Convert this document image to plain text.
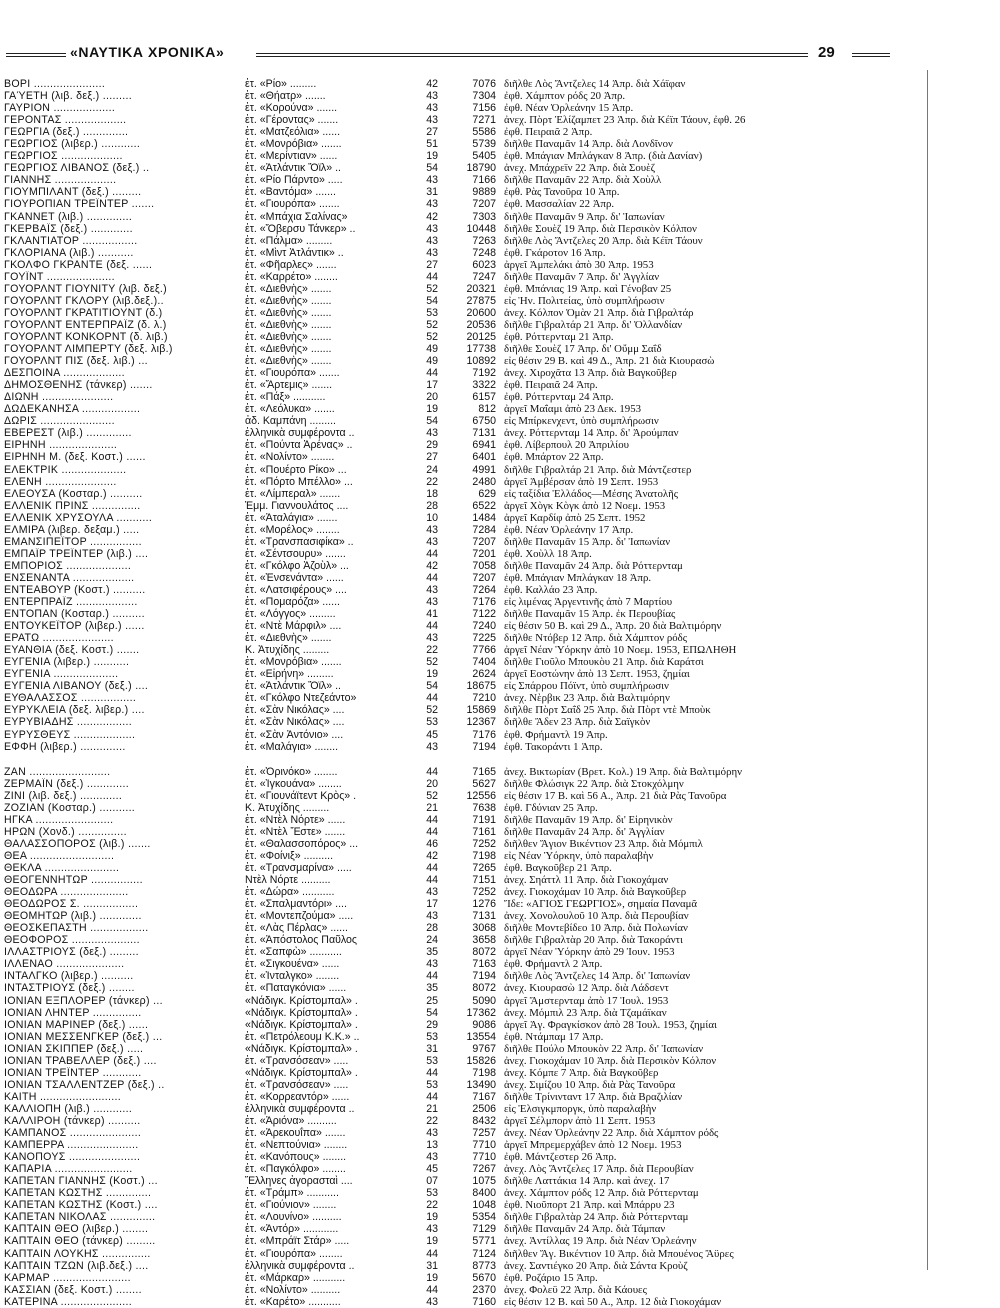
«ΝΑΥΤΙΚΑ ΧΡΟΝΙΚΑ»	29
ΒΟΡΙ ......................	ἐτ. «Ρίο» .........	42	7076 διῆλθε Λὸς Ἄντζελες 14 Ἀπρ. διὰ Χάϊφαν
ΓΑΎΕΤΗ (λιβ. δεξ.) .........	ἐτ. «Θήατρ» .......	43	7304 ἐφθ. Χάμπτον ρόδς 20 Ἀπρ.
ΓΑΥΡΙΟΝ ...................	ἐτ. «Κορούνα» .......	43	7156 ἐφθ. Νέαν Ὀρλεάνην 15 Ἀπρ.
ΓΕΡΟΝΤΑΣ ...................	ἐτ. «Γέροντας» .......	43	7271 ἀνεχ. Πὸρτ Ἐλίζαμπετ 23 Ἀπρ. διὰ Κέϊπ Τάουν, ἐφθ. 26
ΓΕΩΡΓΙΑ (δεξ.) ..............	ἐτ. «Ματζεόλια» ......	27	5586 ἐφθ. Πειραιᾶ 2 Ἀπρ.
ΓΕΩΡΓΙΟΣ (λιβερ.) ............	ἐτ. «Μονρόβια» .......	51	5739 διῆλθε Παναμᾶν 14 Ἀπρ. διὰ Λονδῖνον
ΓΕΩΡΓΙΟΣ ...................	ἐτ. «Μερίντιαν» ......	19	5405 ἐφθ. Μπάγιαν Μπλάγκαν 8 Ἀπρ. (διὰ Δανίαν)
ΓΕΩΡΓΙΟΣ ΛΙΒΑΝΟΣ (δεξ.) ..	ἐτ. «Ἀτλάντικ Ὄϊλ» ..	54	18790 ἀνεχ. Μπάχρεϊν 22 Ἀπρ. διὰ Σουὲζ
ΓΙΑΝΝΗΣ ...................	ἐτ. «Ρίο Πάρντο» .....	43	7166 διῆλθε Παναμᾶν 22 Ἀπρ. διὰ Χοὺλλ
ΓΙΟΥΜΠΙΛΑΝΤ (δεξ.) .........	ἐτ. «Βαντόμα» .......	31	9889 ἐφθ. Ρὰς Τανοῦρα 10 Ἀπρ.
ΓΙΟΥΡΟΠΙΑΝ ΤΡΕΪΝΤΕΡ .......	ἐτ. «Γιουρόπα» .......	43	7207 ἐφθ. Μασσαλίαν 22 Ἀπρ.
ΓΚΑΝΝΕΤ (λιβ.) ..............	ἐτ. «Μπάχια Σαλίνας»	42	7303 διῆλθε Παναμᾶν 9 Ἀπρ. δι' Ἰαπωνίαν
ΓΚΕΡΒΑΪΣ (δεξ.) .............	ἐτ. «Ὄβερσυ Τάνκερ» ..	43	10448 διῆλθε Σουὲζ 19 Ἀπρ. διὰ Περσικὸν Κόλπον
ΓΚΛΑΝΤΙΑΤΟΡ .................	ἐτ. «Πάλμα» .........	43	7263 διῆλθε Λὸς Ἄντζελες 20 Ἀπρ. διὰ Κέϊπ Τάουν
ΓΚΛΟΡΙΑΝΑ (λιβ.) ...........	ἐτ. «Μὶντ Ἀτλάντικ» ..	43	7248 ἐφθ. Γκάροτον 16 Ἀπρ.
ΓΚΟΛΦΟ ΓΚΡΑΝΤΕ (δεξ. ......	ἐτ. «Φῆαρλες» .......	27	6023 ἀργεῖ Ἀμπελάκι ἀπὸ 30 Ἀπρ. 1953
ΓΟΥΪΝΤ .....................	ἐτ. «Καρρέτο» ........	44	7247 διῆλθε Παναμᾶν 7 Ἀπρ. δι' Ἀγγλίαν
ΓΟΥΟΡΛΝΤ ΓΙΟΥΝΙΤΥ (λιβ. δεξ.)	ἐτ. «Διεθνὴς» .......	52	20321 ἐφθ. Μπάνιας 19 Ἀπρ. καὶ Γένοβαν 25
ΓΟΥΟΡΛΝΤ ΓΚΛΟΡΥ (λιβ.δεξ.)..	ἐτ. «Διεθνὴς» .......	54	27875 εἰς Ἡν. Πολιτείας, ὑπὸ συμπλήρωσιν
ΓΟΥΟΡΛΝΤ ΓΚΡΑΤΙΤΙΟΥΝΤ (δ.)	ἐτ. «Διεθνὴς» .......	53	20600 ἀνεχ. Κόλπον Ὀμὰν 21 Ἀπρ. διὰ Γιβραλτάρ
ΓΟΥΟΡΛΝΤ ΕΝΤΕΡΠΡΑΪΖ (δ. λ.)	ἐτ. «Διεθνὴς» .......	52	20536 διῆλθε Γιβραλτάρ 21 Ἀπρ. δι' Ὀλλανδίαν
ΓΟΥΟΡΛΝΤ ΚΟΝΚΟΡΝΤ (δ. λιβ.)	ἐτ. «Διεθνὴς» .......	52	20125 ἐφθ. Ρόττερνταμ 21 Ἀπρ.
ΓΟΥΟΡΛΝΤ ΛΙΜΠΕΡΤΥ (δεξ. λιβ.)	ἐτ. «Διεθνὴς» .......	49	17738 διῆλθε Σουὲζ 17 Ἀπρ. δι' Οὔμμ Σαΐδ
ΓΟΥΟΡΛΝΤ ΠΙΣ (δεξ. λιβ.) ...	ἐτ. «Διεθνὴς» .......	49	10892 εἰς θέσιν 29 Β. καὶ 49 Δ., Ἀπρ. 21 διὰ Κιουρασὼ
ΔΕΣΠΟΙΝΑ ...................	ἐτ. «Γιουρόπα» .......	44	7192 ἀνεχ. Χιροχᾶτα 13 Ἀπρ. διὰ Βαγκοῦβερ
ΔΗΜΟΣΘΕΝΗΣ (τάνκερ) .......	ἐτ. «Ἄρτεμις» .......	17	3322 ἐφθ. Πειραιᾶ 24 Ἀπρ.
ΔΙΩΝΗ ......................	ἐτ. «Πάξ» ...........	20	6157 ἐφθ. Ρόττερνταμ 24 Ἀπρ.
ΔΩΔΕΚΑΝΗΣΑ ..................	ἐτ. «Λεόλυκα» .......	19	812 ἀργεῖ Μαΐαμι ἀπὸ 23 Δεκ. 1953
ΔΩΡΙΣ .......................	ἀδ. Καμπάνη .........	54	6750 εἰς Μπίρκενχεντ, ὑπὸ συμπλήρωσιν
ΕΒΕΡΕΣΤ (λιβ.) ..............	ἑλληνικὰ συμφέροντα ..	43	7131 ἀνεχ. Ρόττερνταμ 14 Ἀπρ. δι' Ἀρούμπαν
ΕΙΡΗΝΗ .....................	ἐτ. «Πούντα Ἀρένας» ..	29	6941 ἐφθ. Λίβερπουλ 20 Ἀπριλίου
ΕΙΡΗΝΗ Μ. (δεξ. Κοστ.) ......	ἐτ. «Νολίντο» ........	27	6401 ἐφθ. Μπάρτον 22 Ἀπρ.
ΕΛΕΚΤΡΙΚ ....................	ἐτ. «Πουέρτο Ρίκο» ...	24	4991 διῆλθε Γιβραλτάρ 21 Ἀπρ. διὰ Μάντζεστερ
ΕΛΕΝΗ ......................	ἐτ. «Πόρτο Μπέλλο» ...	22	2480 ἀργεῖ Ἀμβέρσαν ἀπὸ 19 Σεπτ. 1953
ΕΛΕΟΥΣΑ (Κοσταρ.) ..........	ἐτ. «Λίμπεραλ» .......	18	629 εἰς ταξίδια Ἑλλάδος—Μέσης Ἀνατολῆς
ΕΛΛΕΝΙΚ ΠΡΙΝΣ ...............	Ἐμμ. Γιαννουλάτος ....	28	6522 ἀργεῖ Χὸγκ Κὸγκ ἀπὸ 12 Νοεμ. 1953
ΕΛΛΕΝΙΚ ΧΡΥΣΟΥΛΑ ...........	ἐτ. «Ἀταλάγια» .......	10	1484 ἀργεῖ Καρδίφ ἀπὸ 25 Σεπτ. 1952
ΕΛΜΙΡΑ (λιβερ. δεξαμ.) .....	ἐτ. «Μορέλος» ........	43	7284 ἐφθ. Νέαν Ὀρλεάνην 17 Ἀπρ.
ΕΜΑΝΣΙΠΕΪΤΟΡ ................	ἐτ. «Τρανσπασιφίκα» ..	43	7207 διῆλθε Παναμᾶν 15 Ἀπρ. δι' Ἰαπωνίαν
ΕΜΠΑΪΡ ΤΡΕΪΝΤΕΡ (λιβ.) ....	ἐτ. «Σέντσουρυ» .......	44	7201 ἐφθ. Χοὺλλ 18 Ἀπρ.
ΕΜΠΟΡΙΟΣ ....................	ἐτ. «Γκόλφο Ἀζοὺλ» ...	42	7058 διῆλθε Παναμᾶν 24 Ἀπρ. διὰ Ρόττερνταμ
ΕΝΣΕΝΑΝΤΑ ...................	ἐτ. «Ἐνσενάντα» ......	44	7207 ἐφθ. Μπάγιαν Μπλάγκαν 18 Ἀπρ.
ΕΝΤΕΑΒΟΥΡ (Κοστ.) ..........	ἐτ. «Λατσιφέρους» ....	43	7264 ἐφθ. Καλλάο 23 Ἀπρ.
ΕΝΤΕΡΠΡΑΪΖ ...................	ἐτ. «Πομαρόζα» ......	43	7176 εἰς λιμένας Ἀργεντινῆς ἀπὸ 7 Μαρτίου
ΕΝΤΟΠΑΝ (Κοσταρ.) ..........	ἐτ. «Λόγγος» .........	41	7122 διῆλθε Παναμᾶν 15 Ἀπρ. ἐκ Περουβίας
ΕΝΤΟΥΚΕΪΤΟΡ (λιβερ.) ......	ἐτ. «Ντὲ Μάρφιλ» ....	44	7240 εἰς θέσιν 50 Β. καὶ 29 Δ., Ἀπρ. 20 διὰ Βαλτιμόρην
ΕΡΑΤΩ ......................	ἐτ. «Διεθνὴς» .......	43	7225 διῆλθε Ντόβερ 12 Ἀπρ. διὰ Χάμπτον ρόδς
ΕΥΑΝΘΙΑ (δεξ. Κοστ.) .......	Κ. Ἀτυχίδης .........	22	7766 ἀργεῖ Νέαν Ὑόρκην ἀπὸ 10 Νοεμ. 1953, ΕΠΩΛΗΘΗ
ΕΥΓΕΝΙΑ (λιβερ.) ...........	ἐτ. «Μονρόβια» .......	52	7404 διῆλθε Γιοῦλο Μπουκὸυ 21 Ἀπρ. διὰ Καράτσι
ΕΥΓΕΝΙΑ ....................	ἐτ. «Εἰρήνη» .........	19	2624 ἀργεῖ Εοστώνην ἀπὸ 13 Σεπτ. 1953, ζημίαι
ΕΥΓΕΝΙΑ ΛΙΒΑΝΟΥ (δεξ.) ....	ἐτ. «Ἀτλάντικ Ὄϊλ» ..	54	18675 εἰς Σπάρρου Πόϊντ, ὑπὸ συμπλήρωσιν
ΕΥΘΑΛΑΣΣΟΣ .................	ἐτ. «Γκόλφο Ντεζεάντο»	44	7210 ἀνεχ. Νὲρβικ 23 Ἀπρ. διὰ Βαλτιμόρην
ΕΥΡΥΚΛΕΙΑ (δεξ. λιβερ.) ....	ἐτ. «Σὰν Νικόλας» ....	52	15869 διῆλθε Πὸρτ Σαΐδ 25 Ἀπρ. διὰ Πὸρτ ντὲ Μποὺκ
ΕΥΡΥΒΙΑΔΗΣ .................	ἐτ. «Σὰν Νικόλας» ....	53	12367 διῆλθε Ἄδεν 23 Ἀπρ. διὰ Σαϊγκὸν
ΕΥΡΥΣΘΕΥΣ ...................	ἐτ. «Σὰν Ἀντόνιο» ....	45	7176 ἐφθ. Φρήμαντλ 19 Ἀπρ.
ΕΦΦΗ (λιβερ.) ..............	ἐτ. «Μαλάγια» ........	43	7194 ἐφθ. Τακοράντι 1 Ἀπρ.
ΖΑΝ .........................	ἐτ. «Ὀρινόκο» ........	44	7165 ἀνεχ. Βικτωρίαν (Βρετ. Κολ.) 19 Ἀπρ. διὰ Βαλτιμόρην
ΖΕΡΜΑΪΝ (δεξ.) .............	ἐτ. «Ἰγκουάνα» ........	20	5627 διῆλθε Φλώσιγκ 22 Ἀπρ. διὰ Στοκχόλμην
ΖΙΝΙ (λιβ. δεξ.) .............	ἐτ. «Γιουνάϊτεντ Κρὸς» .	52	12556 εἰς θέσιν 17 Β. καὶ 56 Α., Ἀπρ. 21 διὰ Ρὰς Τανοῦρα
ΖΟΖΙΑΝ (Κοσταρ.) ...........	Κ. Ἀτυχίδης .........	21	7638 ἐφθ. Γδύνιαν 25 Ἀπρ.
ΗΓΚΑ ........................	ἐτ. «Ντὲλ Νόρτε» ......	44	7191 διῆλθε Παναμᾶν 19 Ἀπρ. δι' Εἰρηνικὸν
ΗΡΩΝ (Χονδ.) ...............	ἐτ. «Ντὲλ Ἔστε» .......	44	7161 διῆλθε Παναμᾶν 24 Ἀπρ. δι' Ἀγγλίαν
ΘΑΛΑΣΣΟΠΟΡΟΣ (λιβ.) .......	ἐτ. «Θαλασσοπόρος» ...	46	7252 διῆλθεν Ἅγιον Βικέντιον 23 Ἀπρ. διὰ Μόμπιλ
ΘΕΑ ..........................	ἐτ. «Φοίνιξ» ..........	42	7198 εἰς Νέαν Ὑόρκην, ὑπὸ παραλαβὴν
ΘΕΚΛΑ .......................	ἐτ. «Τρανσμαρίνα» .....	44	7265 ἐφθ. Βαγκοῦβερ 21 Ἀπρ.
ΘΕΟΓΕΝΝΗΤΩΡ ................	Ντὲλ Νόρτε ..........	44	7151 ἀνεχ. Σηάττλ 11 Ἀπρ. διὰ Γιοκοχάμαν
ΘΕΟΔΩΡΑ .....................	ἐτ. «Δώρα» ...........	43	7252 ἀνεχ. Γιοκοχάμαν 10 Ἀπρ. διὰ Βαγκοῦβερ
ΘΕΟΔΩΡΟΣ Σ. .................	ἐτ. «Σπαλμαντόρι» ....	17	1276 Ἴδε: «ΑΓΙΟΣ ΓΕΩΡΓΙΟΣ», σημαία Παναμᾶ
ΘΕΟΜΗΤΩΡ (λιβ.) .............	ἐτ. «Μοντεπζούμα» .....	43	7131 ἀνεχ. Χονολουλοῦ 10 Ἀπρ. διὰ Περουβίαν
ΘΕΟΣΚΕΠΑΣΤΗ ..................	ἐτ. «Λὰς Πέρλας» ......	28	3068 διῆλθε Μοντεβίδεο 10 Ἀπρ. διὰ Πολωνίαν
ΘΕΟΦΟΡΟΣ .....................	ἐτ. «Ἀπόστολος Παῦλος	24	3658 διῆλθε Γιβραλτὰρ 20 Ἀπρ. διὰ Τακοράντι
ΙΛΛΑΣΤΡΙΟΥΣ (δεξ.) .........	ἐτ. «Σαπφὼ» ...........	35	8072 ἀργεῖ Νέαν Ὑόρκην ἀπὸ 29 Ἰουν. 1953
ΙΛΛΕΝΑΟ .....................	ἐτ. «Σιγκουένα» ......	43	7163 ἐφθ. Φρήμαντλ 2 Ἀπρ.
ΙΝΤΑΛΓΚΟ (λιβερ.) ..........	ἐτ. «Ἰνταλγκο» ........	44	7194 διῆλθε Λὸς Ἄντζελες 14 Ἀπρ. δι' Ἰαπωνίαν
ΙΝΤΑΣΤΡΙΟΥΣ (δεξ.) ........	ἐτ. «Παταγκόνια» ......	35	8072 ἀνεχ. Κιουρασὼ 12 Ἀπρ. διὰ Λάδσεντ
ΙΟΝΙΑΝ ΕΞΠΛΟΡΕΡ (τάνκερ) ...	«Νάδιγκ. Κρίστομπαλ» .	25	5090 ἀργεῖ Ἄμστερνταμ ἀπὸ 17 Ἰουλ. 1953
ΙΟΝΙΑΝ ΛΗΝΤΕΡ ...............	«Νάδιγκ. Κρίστομπαλ» .	54	17362 ἀνεχ. Μόμπιλ 23 Ἀπρ. διὰ Τζαμάϊκαν
ΙΟΝΙΑΝ ΜΑΡΙΝΕΡ (δεξ.) ......	«Νάδιγκ. Κρίστομπαλ» .	29	9086 ἀργεῖ Ἀγ. Φραγκίσκον ἀπὸ 28 Ἰουλ. 1953, ζημίαι
ΙΟΝΙΑΝ ΜΕΣΣΕΝΓΚΕΡ (δεξ.) ...	ἐτ. «Πετρόλεουμ Κ.Κ.» ..	53	13554 ἐφθ. Ντάμπαμ 17 Ἀπρ.
ΙΟΝΙΑΝ ΣΚΙΠΠΕΡ (δεξ.) .....	«Νάδιγκ. Κρίστομπαλ» .	31	9767 διῆλθε Πούλο Μπουκὸν 22 Ἀπρ. δι' Ἰαπωνίαν
ΙΟΝΙΑΝ ΤΡΑΒΕΛΛΕΡ (δεξ.) ....	ἐτ. «Τρανσόσεαν» .....	53	15826 ἀνεχ. Γιοκοχάμαν 10 Ἀπρ. διὰ Περσικὸν Κόλπον
ΙΟΝΙΑΝ ΤΡΕΪΝΤΕΡ ............	«Νάδιγκ. Κρίστομπαλ» .	44	7198 ἀνεχ. Κόμπε 7 Ἀπρ. διὰ Βαγκοῦβερ
ΙΟΝΙΑΝ ΤΣΑΛΛΕΝΤΖΕΡ (δεξ.) ..	ἐτ. «Τρανσόσεαν» .....	53	13490 ἀνεχ. Σιμίζου 10 Ἀπρ. διὰ Ρὰς Τανοῦρα
ΚΑΙΤΗ .........................	ἐτ. «Κορρεαντόρ» ......	44	7167 διῆλθε Τρίνινταντ 17 Ἀπρ. διὰ Βραζιλίαν
ΚΑΛΛΙΟΠΗ (λιβ.) ............	ἑλληνικὰ συμφέροντα ..	21	2506 εἰς Ἐλσιγκμποργκ, ὑπὸ παραλαβὴν
ΚΑΛΛΙΡΟΗ (τάνκερ) ..........	ἐτ. «Ἀριόνα» ..........	22	8432 ἀργεῖ Σέλμπορν ἀπὸ 11 Σεπτ. 1953
ΚΑΜΠΑΝΟΣ ......................	ἐτ. «Ἀρεκουΐπα» .......	43	7257 ἀνεχ. Νέαν Ὀρλεάνην 22 Ἀπρ. διὰ Χάμπτον ρόδς
ΚΑΜΠΕΡΡΑ ......................	ἐτ. «Νεπτούνια» ........	13	7710 ἀργεῖ Μπρεμερχάβεν ἀπὸ 12 Νοεμ. 1953
ΚΑΝΟΠΟΥΣ ......................	ἐτ. «Κανόπους» ........	43	7710 ἐφθ. Μάντζεστερ 26 Ἀπρ.
ΚΑΠΑΡΙΑ ........................	ἐτ. «Παγκόλφο» ........	45	7267 ἀνεχ. Λὸς Ἄντζελες 17 Ἀπρ. διὰ Περουβίαν
ΚΑΠΕΤΑΝ ΓΙΑΝΝΗΣ (Κοστ.) ...	Ἕλληνες ἀγορασταὶ ....	07	1075 διῆλθε Λαττάκια 14 Ἀπρ. καὶ ἀνεχ. 17
ΚΑΠΕΤΑΝ ΚΩΣΤΗΣ ..............	ἐτ. «Τράμπ» ...........	53	8400 ἀνεχ. Χάμπτον ρόδς 12 Ἀπρ. διὰ Ρόττερνταμ
ΚΑΠΕΤΑΝ ΚΩΣΤΗΣ (Κοστ.) ....	ἐτ. «Γιούνιον» ........	22	1048 ἐφθ. Νιοῦπορτ 21 Ἀπρ. καὶ Μπάρρυ 23
ΚΑΠΕΤΑΝ ΝΙΚΟΛΑΣ ..............	ἐτ. «Λουνίνο» ..........	19	5354 διῆλθε Γιβραλτὰρ 24 Ἀπρ. διὰ Ρόττερνταμ
ΚΑΠΤΑΙΝ ΘΕΟ (λιβερ.) ........	ἐτ. «Ἀντόρ» ............	43	7129 διῆλθε Παναμᾶν 24 Ἀπρ. διὰ Τάμπαν
ΚΑΠΤΑΙΝ ΘΕΟ (τάνκερ) .........	ἐτ. «Μπράϊτ Στάρ» .....	19	5771 ἀνεχ. Ἀντίλλας 19 Ἀπρ. διὰ Νέαν Ὀρλεάνην
ΚΑΠΤΑΙΝ ΛΟΥΚΗΣ ...............	ἐτ. «Γιουρόπα» ........	44	7124 διῆλθεν Ἅγ. Βικέντιον 10 Ἀπρ. διὰ Μπουένος Ἄϋρες
ΚΑΠΤΑΙΝ ΤΖΩΝ (λιβ.δεξ.) ....	ἑλληνικὰ συμφέροντα ..	31	8773 ἀνεχ. Σαντιέγκο 20 Ἀπρ. διὰ Σάντα Κροὺζ
ΚΑΡΜΑΡ ........................	ἐτ. «Μάρκαρ» ...........	19	5670 ἐφθ. Ροζάριο 15 Ἀπρ.
ΚΑΣΣΙΑΝ (δεξ. Κοστ.) ........	ἐτ. «Νολίντο» ..........	44	2370 ἀνεχ. Φολεϋ 22 Ἀπρ. διὰ Κάουες
ΚΑΤΕΡΙΝΑ ......................	ἐτ. «Καρέτο» ...........	43	7160 εἰς θέσιν 12 Β. καὶ 50 Α., Ἀπρ. 12 διὰ Γιοκοχάμαν
